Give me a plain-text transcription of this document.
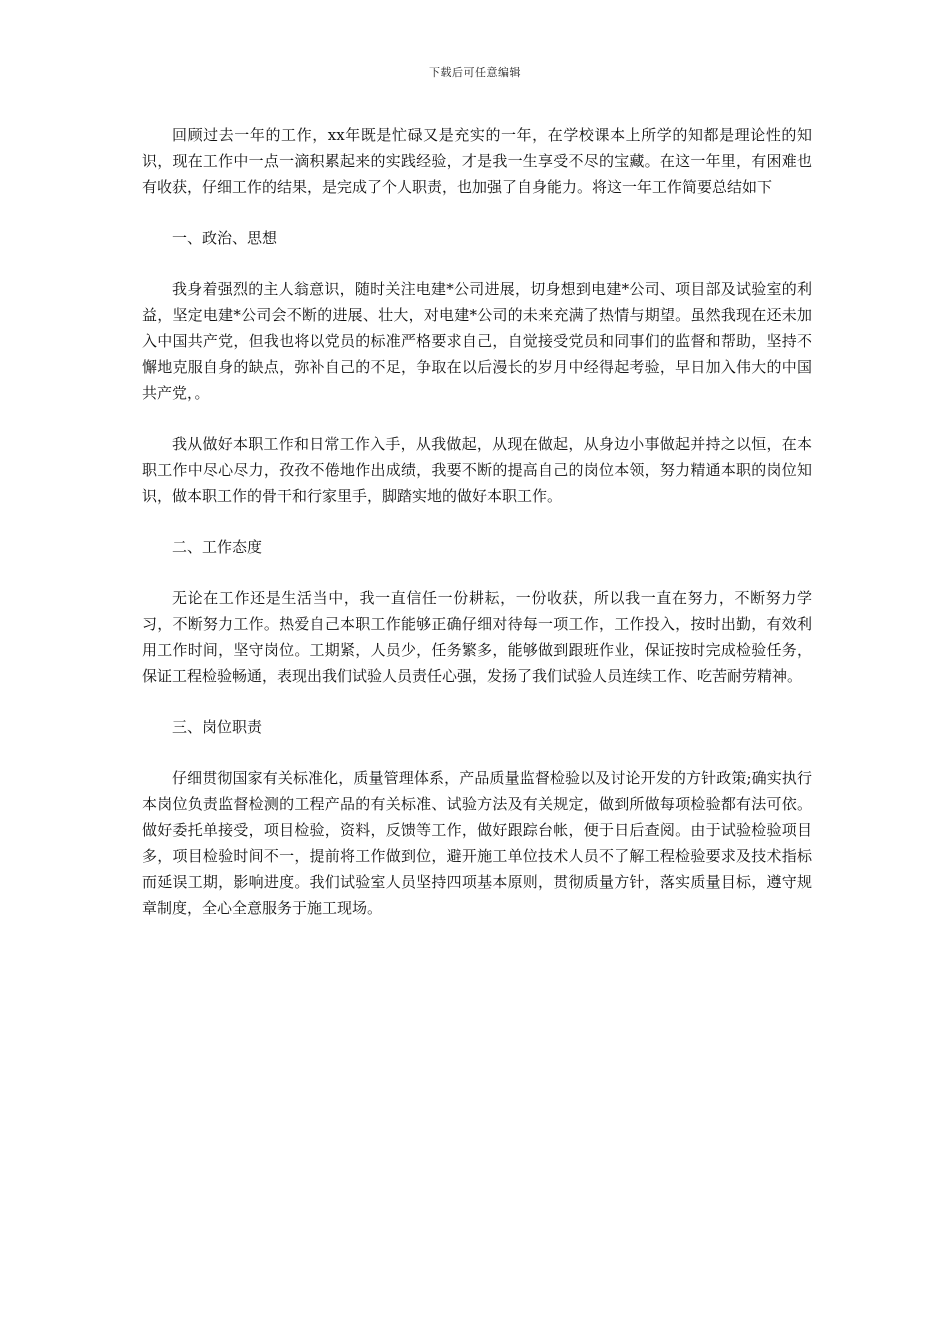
下载后可任意编辑

回顾过去一年的工作，xx年既是忙碌又是充实的一年，在学校课本上所学的知都是理论性的知识，现在工作中一点一滴积累起来的实践经验，才是我一生享受不尽的宝藏。在这一年里，有困难也有收获，仔细工作的结果，是完成了个人职责，也加强了自身能力。将这一年工作简要总结如下

一、政治、思想

我身着强烈的主人翁意识，随时关注电建*公司进展，切身想到电建*公司、项目部及试验室的利益，坚定电建*公司会不断的进展、壮大，对电建*公司的未来充满了热情与期望。虽然我现在还未加入中国共产党，但我也将以党员的标准严格要求自己，自觉接受党员和同事们的监督和帮助，坚持不懈地克服自身的缺点，弥补自己的不足，争取在以后漫长的岁月中经得起考验，早日加入伟大的中国共产党，。

我从做好本职工作和日常工作入手，从我做起，从现在做起，从身边小事做起并持之以恒，在本职工作中尽心尽力，孜孜不倦地作出成绩，我要不断的提高自己的岗位本领，努力精通本职的岗位知识，做本职工作的骨干和行家里手，脚踏实地的做好本职工作。

二、工作态度

无论在工作还是生活当中，我一直信任一份耕耘，一份收获，所以我一直在努力，不断努力学习，不断努力工作。热爱自己本职工作能够正确仔细对待每一项工作，工作投入，按时出勤，有效利用工作时间，坚守岗位。工期紧，人员少，任务繁多，能够做到跟班作业，保证按时完成检验任务，保证工程检验畅通，表现出我们试验人员责任心强，发扬了我们试验人员连续工作、吃苦耐劳精神。

三、岗位职责

仔细贯彻国家有关标准化，质量管理体系，产品质量监督检验以及讨论开发的方针政策;确实执行本岗位负责监督检测的工程产品的有关标准、试验方法及有关规定，做到所做每项检验都有法可依。做好委托单接受，项目检验，资料，反馈等工作，做好跟踪台帐，便于日后查阅。由于试验检验项目多，项目检验时间不一，提前将工作做到位，避开施工单位技术人员不了解工程检验要求及技术指标而延误工期，影响进度。我们试验室人员坚持四项基本原则，贯彻质量方针，落实质量目标，遵守规章制度，全心全意服务于施工现场。
